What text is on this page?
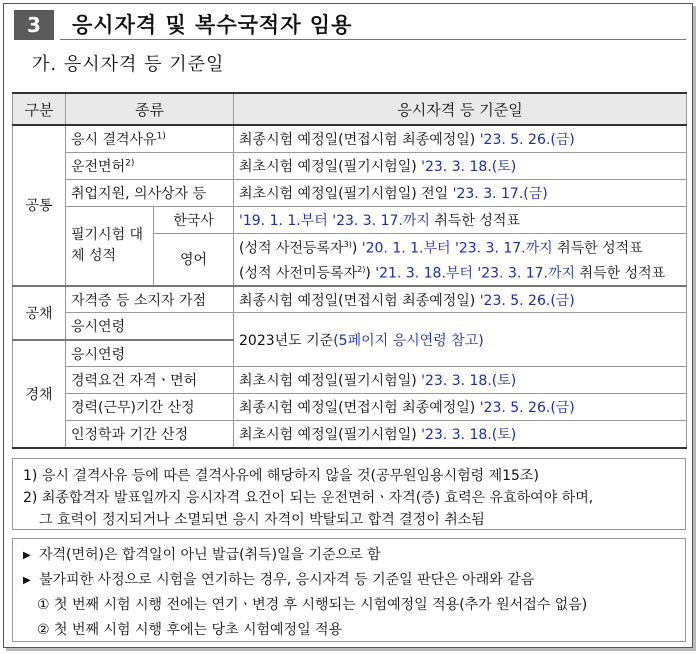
3	응시자격 및 복수국적자 임용
가. 응시자격 등 기준일
구분	종류		응시자격 등 기준일
공통	응시 결격사유$^{1)}$		최종시험 예정일(면접시험 최종예정일) '23. 5. 26.(금)
	운전면허$^{2)}$		최초시험 예정일(필기시험일) '23. 3. 18.(토)
	취업지원, 의사상자 등		최초시험 예정일(필기시험일) 전일 '23. 3. 17.(금)
	필기시험 대체 성적	한국사	'19. 1. 1.부터 '23. 3. 17.까지 취득한 성적표
		영어	(성적 사전등록자$^{3)}$) '20. 1. 1.부터 '23. 3. 17.까지 취득한 성적표
(성적 사전미등록자$^{2)}$) '21. 3. 18.부터 '23. 3. 17.까지 취득한 성적표

공채	자격증 등 소지자 가점		최종시험 예정일(면접시험 최종예정일) '23. 5. 26.(금)
	응시연령		2023년도 기준(5페이지 응시연령 참고)
경채	응시연령		
	경력요건 자격ㆍ면허		최초시험 예정일(필기시험일) '23. 3. 18.(토)
	경력(근무)기간 산정		최종시험 예정일(면접시험 최종예정일) '23. 5. 26.(금)
	인정학과 기간 산정		최초시험 예정일(필기시험일) '23. 3. 18.(토)
1) 응시 결격사유 등에 따른 결격사유에 해당하지 않을 것(공무원임용시험령 제15조)
2) 최종합격자 발표일까지 응시자격 요건이 되는 운전면허ㆍ자격(증) 효력은 유효하여야 하며,
그 효력이 정지되거나 소멸되면 응시 자격이 박탈되고 합격 결정이 취소됨
▶ 자격(면허)은 합격일이 아닌 발급(취득)일을 기준으로 함
▶ 불가피한 사정으로 시험을 연기하는 경우, 응시자격 등 기준일 판단은 아래와 같음
① 첫 번째 시험 시행 전에는 연기ㆍ변경 후 시행되는 시험예정일 적용(추가 원서접수 없음)
② 첫 번째 시험 시행 후에는 당초 시험예정일 적용
